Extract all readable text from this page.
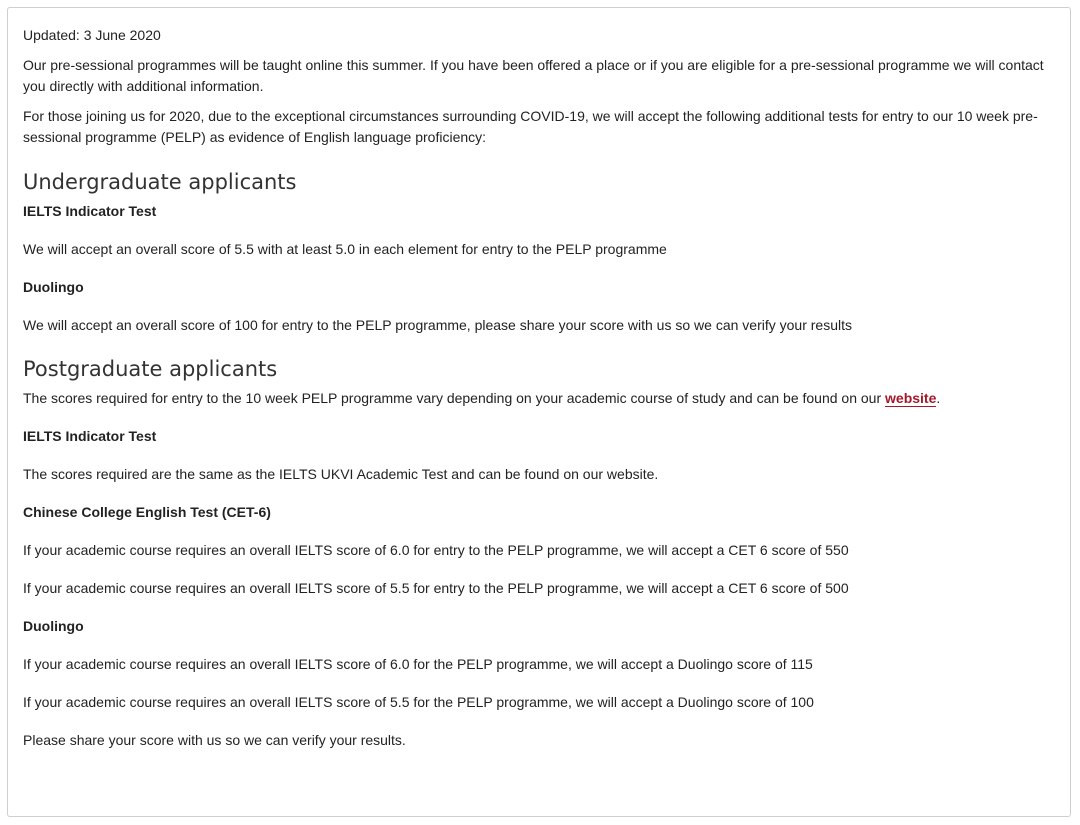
Updated: 3 June 2020

Our pre-sessional programmes will be taught online this summer. If you have been offered a place or if you are eligible for a pre-sessional programme we will contact you directly with additional information.

For those joining us for 2020, due to the exceptional circumstances surrounding COVID-19, we will accept the following additional tests for entry to our 10 week pre-sessional programme (PELP) as evidence of English language proficiency:

Undergraduate applicants

IELTS Indicator Test

We will accept an overall score of 5.5 with at least 5.0 in each element for entry to the PELP programme

Duolingo

We will accept an overall score of 100 for entry to the PELP programme, please share your score with us so we can verify your results

Postgraduate applicants

The scores required for entry to the 10 week PELP programme vary depending on your academic course of study and can be found on our website.

IELTS Indicator Test

The scores required are the same as the IELTS UKVI Academic Test and can be found on our website.

Chinese College English Test (CET-6)

If your academic course requires an overall IELTS score of 6.0 for entry to the PELP programme, we will accept a CET 6 score of 550

If your academic course requires an overall IELTS score of 5.5 for entry to the PELP programme, we will accept a CET 6 score of 500

Duolingo

If your academic course requires an overall IELTS score of 6.0 for the PELP programme, we will accept a Duolingo score of 115

If your academic course requires an overall IELTS score of 5.5 for the PELP programme, we will accept a Duolingo score of 100

Please share your score with us so we can verify your results.
